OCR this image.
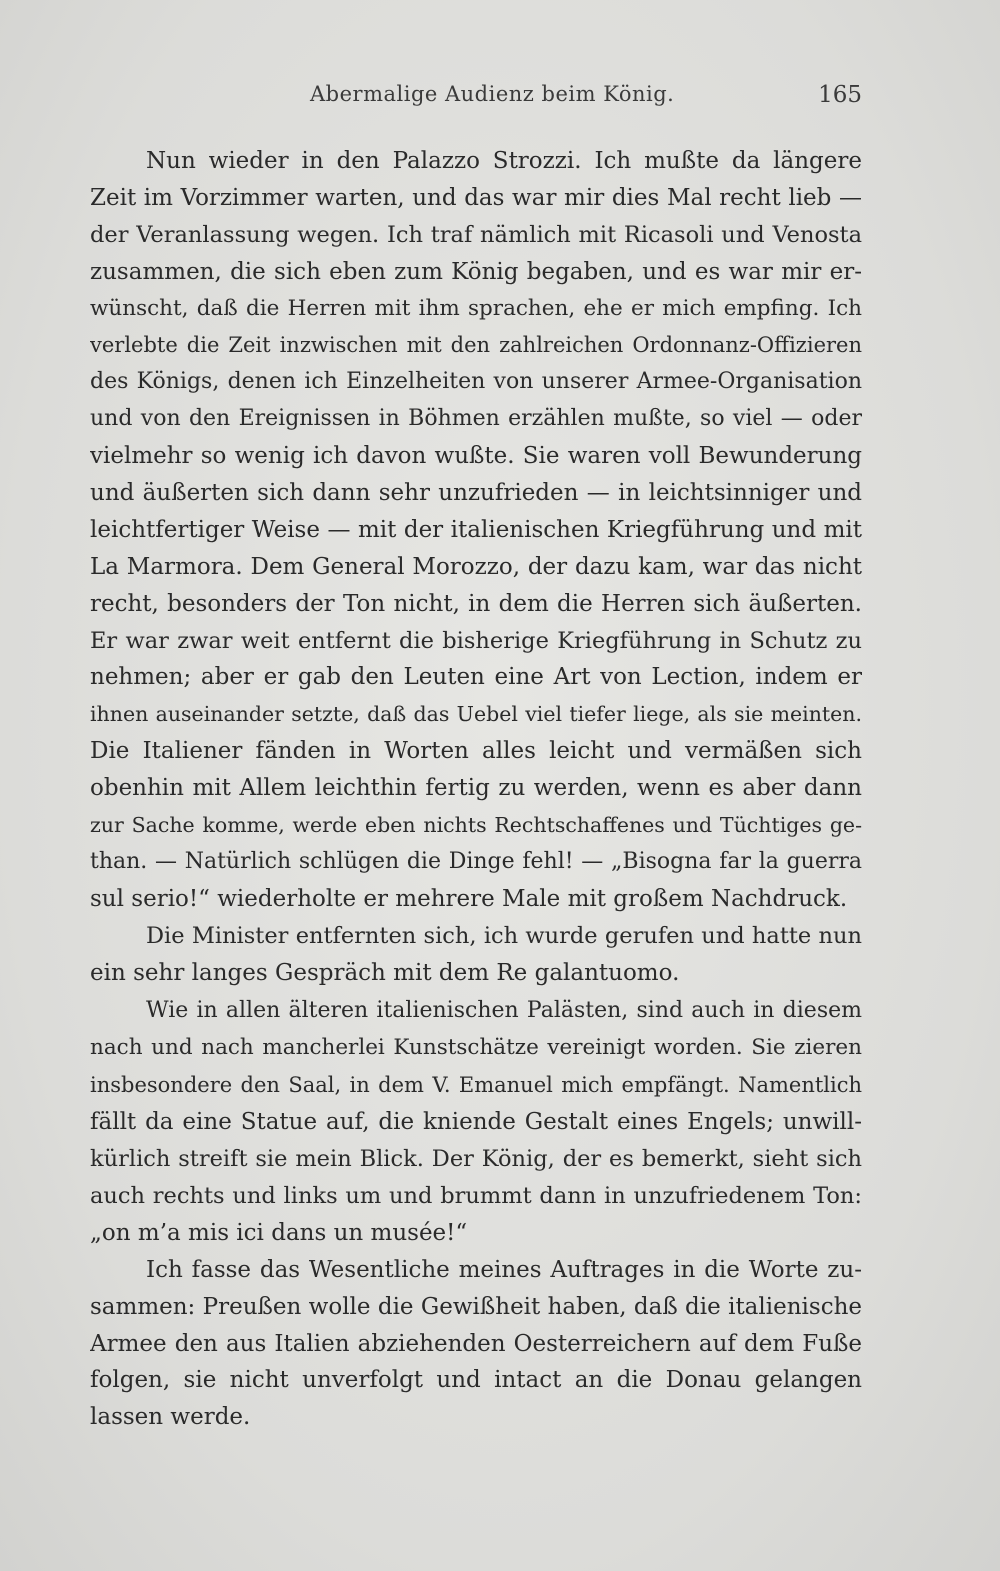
Abermalige Audienz beim König.	165
Nun wieder in den Palazzo Strozzi. Ich mußte da längere
Zeit im Vorzimmer warten, und das war mir dies Mal recht lieb —
der Veranlassung wegen. Ich traf nämlich mit Ricasoli und Venosta
zusammen, die sich eben zum König begaben, und es war mir er-
wünscht, daß die Herren mit ihm sprachen, ehe er mich empfing. Ich
verlebte die Zeit inzwischen mit den zahlreichen Ordonnanz-Offizieren
des Königs, denen ich Einzelheiten von unserer Armee-Organisation
und von den Ereignissen in Böhmen erzählen mußte, so viel — oder
vielmehr so wenig ich davon wußte. Sie waren voll Bewunderung
und äußerten sich dann sehr unzufrieden — in leichtsinniger und
leichtfertiger Weise — mit der italienischen Kriegführung und mit
La Marmora. Dem General Morozzo, der dazu kam, war das nicht
recht, besonders der Ton nicht, in dem die Herren sich äußerten.
Er war zwar weit entfernt die bisherige Kriegführung in Schutz zu
nehmen; aber er gab den Leuten eine Art von Lection, indem er
ihnen auseinander setzte, daß das Uebel viel tiefer liege, als sie meinten.
Die Italiener fänden in Worten alles leicht und vermäßen sich
obenhin mit Allem leichthin fertig zu werden, wenn es aber dann
zur Sache komme, werde eben nichts Rechtschaffenes und Tüchtiges ge-
than. — Natürlich schlügen die Dinge fehl! — „Bisogna far la guerra
sul serio!“ wiederholte er mehrere Male mit großem Nachdruck.
Die Minister entfernten sich, ich wurde gerufen und hatte nun
ein sehr langes Gespräch mit dem Re galantuomo.
Wie in allen älteren italienischen Palästen, sind auch in diesem
nach und nach mancherlei Kunstschätze vereinigt worden. Sie zieren
insbesondere den Saal, in dem V. Emanuel mich empfängt. Namentlich
fällt da eine Statue auf, die kniende Gestalt eines Engels; unwill-
kürlich streift sie mein Blick. Der König, der es bemerkt, sieht sich
auch rechts und links um und brummt dann in unzufriedenem Ton:
„on m’a mis ici dans un musée!“
Ich fasse das Wesentliche meines Auftrages in die Worte zu-
sammen: Preußen wolle die Gewißheit haben, daß die italienische
Armee den aus Italien abziehenden Oesterreichern auf dem Fuße
folgen, sie nicht unverfolgt und intact an die Donau gelangen
lassen werde.
